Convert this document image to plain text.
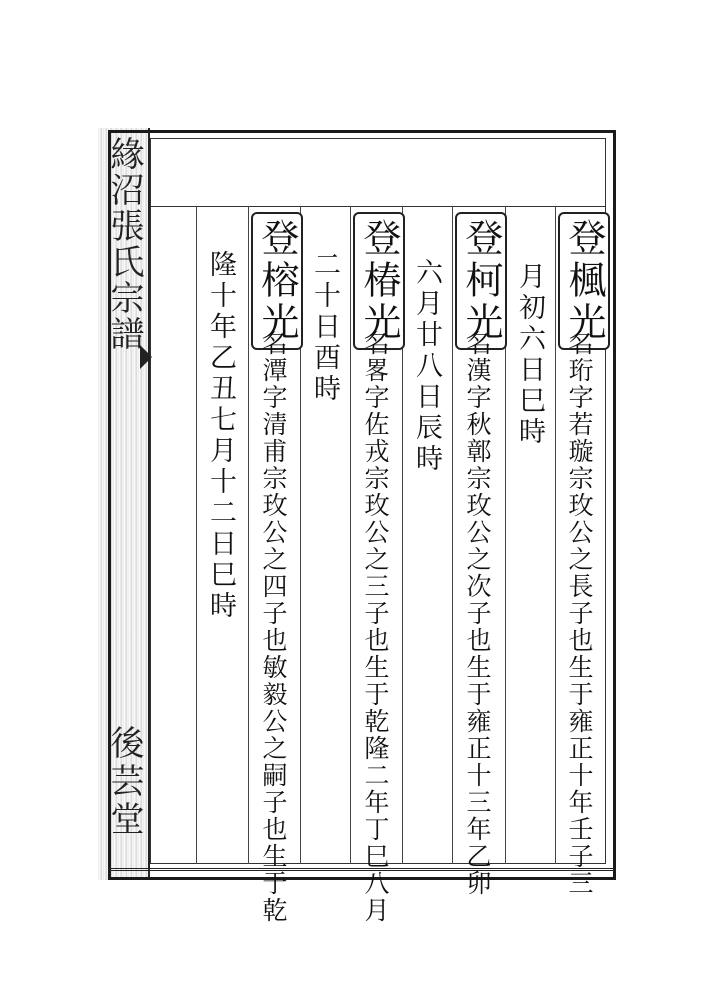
緣沼張氏宗譜
後芸堂
登楓光
名珩字若璇宗玫公之長子也生于雍正十年壬子三
月初六日巳時
登柯光
名漢字秋鄣宗玫公之次子也生于雍正十三年乙卯
六月廿八日辰時
登椿光
名畧字佐戎宗玫公之三子也生于乾隆二年丁巳八月
二十日酉時
登榕光
名潭字清甫宗玫公之四子也敏毅公之嗣子也生于乾
隆十年乙丑七月十二日巳時
